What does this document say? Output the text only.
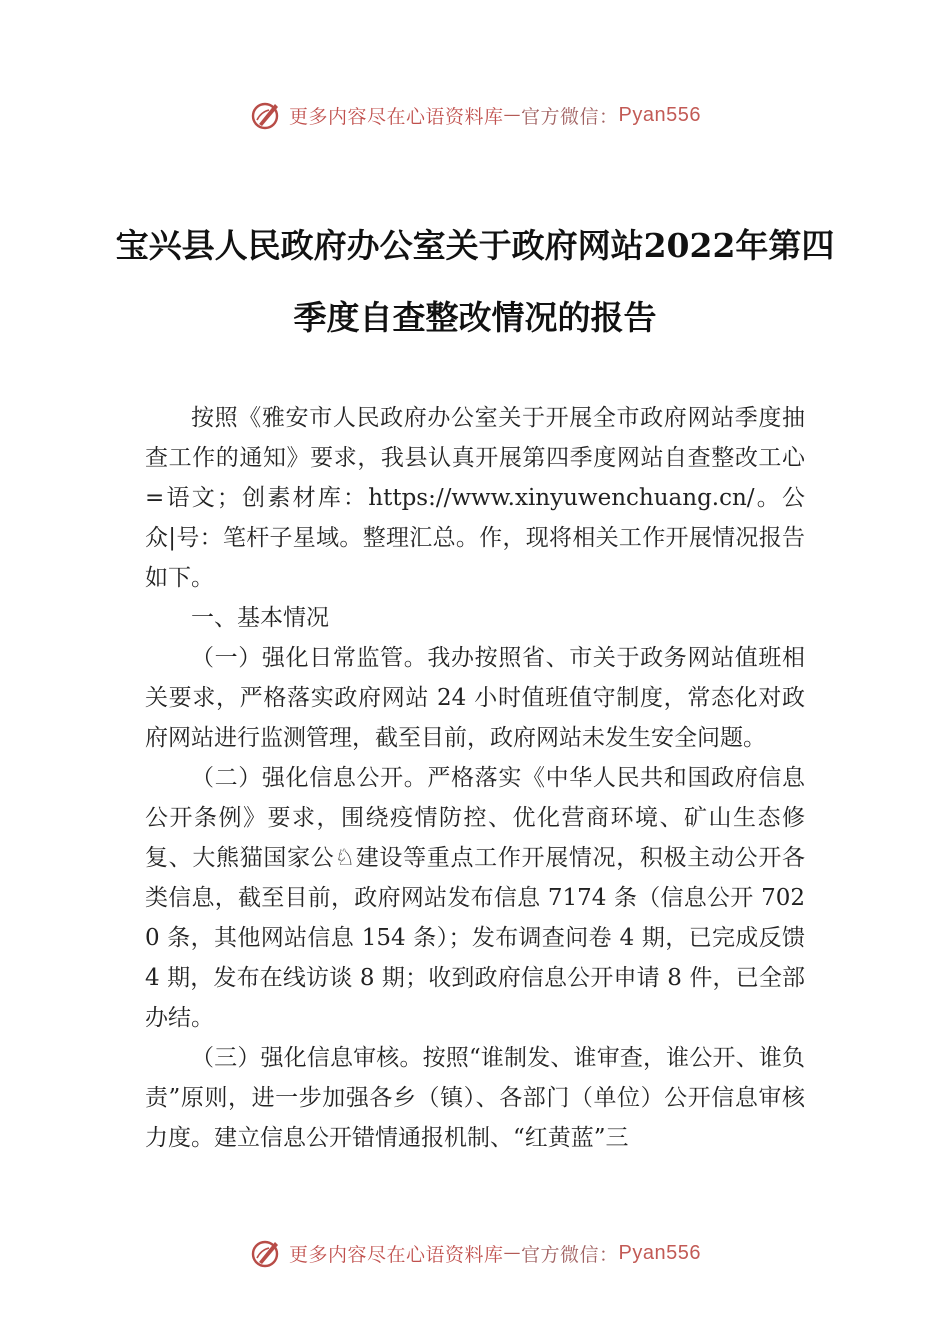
更多内容尽在心语资料库 — 官方微信： Pyan556
宝兴县人民政府办公室关于政府网站2022年第四季度自查整改情况的报告

按照《雅安市人民政府办公室关于开展全市政府网站季度抽查工作的通知》要求，我县认真开展第四季度网站自查整改工心=语文；创素材库：https://www.xinyuwenchuang.cn/。公众|号：笔杆子星域。整理汇总。作，现将相关工作开展情况报告如下。

一、基本情况

（一）强化日常监管。我办按照省、市关于政务网站值班相关要求，严格落实政府网站 24 小时值班值守制度，常态化对政府网站进行监测管理，截至目前，政府网站未发生安全问题。

（二）强化信息公开。严格落实《中华人民共和国政府信息公开条例》要求，围绕疫情防控、优化营商环境、矿山生态修复、大熊猫国家公♘建设等重点工作开展情况，积极主动公开各类信息，截至目前，政府网站发布信息 7174 条（信息公开 7020 条，其他网站信息 154 条）；发布调查问卷 4 期，已完成反馈 4 期，发布在线访谈 8 期；收到政府信息公开申请 8 件，已全部办结。

（三）强化信息审核。按照“谁制发、谁审查，谁公开、谁负责”原则，进一步加强各乡（镇）、各部门（单位）公开信息审核力度。建立信息公开错情通报机制、“红黄蓝”三

更多内容尽在心语资料库 — 官方微信： Pyan556
